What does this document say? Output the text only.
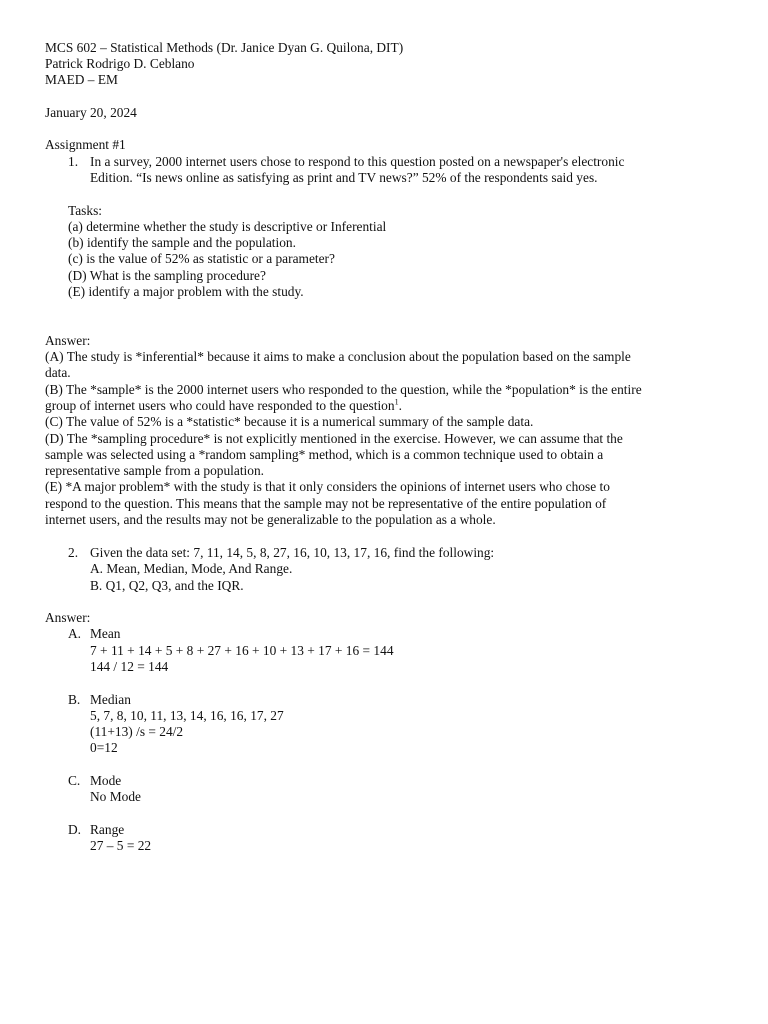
MCS 602 – Statistical Methods (Dr. Janice Dyan G. Quilona, DIT)

Patrick Rodrigo D. Ceblano

MAED – EM

January 20, 2024

Assignment #1

1. In a survey, 2000 internet users chose to respond to this question posted on a newspaper's electronic

Edition. “Is news online as satisfying as print and TV news?” 52% of the respondents said yes.

Tasks:

(a) determine whether the study is descriptive or Inferential

(b) identify the sample and the population.

(c) is the value of 52% as statistic or a parameter?

(D) What is the sampling procedure?

(E) identify a major problem with the study.

Answer:

(A) The study is *inferential* because it aims to make a conclusion about the population based on the sample

data.

(B) The *sample* is the 2000 internet users who responded to the question, while the *population* is the entire

group of internet users who could have responded to the question$^1$.

(C) The value of 52% is a *statistic* because it is a numerical summary of the sample data.

(D) The *sampling procedure* is not explicitly mentioned in the exercise. However, we can assume that the

sample was selected using a *random sampling* method, which is a common technique used to obtain a

representative sample from a population.

(E) *A major problem* with the study is that it only considers the opinions of internet users who chose to

respond to the question. This means that the sample may not be representative of the entire population of

internet users, and the results may not be generalizable to the population as a whole.

2. Given the data set: 7, 11, 14, 5, 8, 27, 16, 10, 13, 17, 16, find the following:

A. Mean, Median, Mode, And Range.

B. Q1, Q2, Q3, and the IQR.

Answer:

A. Mean

7 + 11 + 14 + 5 + 8 + 27 + 16 + 10 + 13 + 17 + 16 = 144

144 / 12 = 144

B. Median

5, 7, 8, 10, 11, 13, 14, 16, 16, 17, 27

(11+13) /s = 24/2

0=12

C. Mode

No Mode

D. Range

27 – 5 = 22
